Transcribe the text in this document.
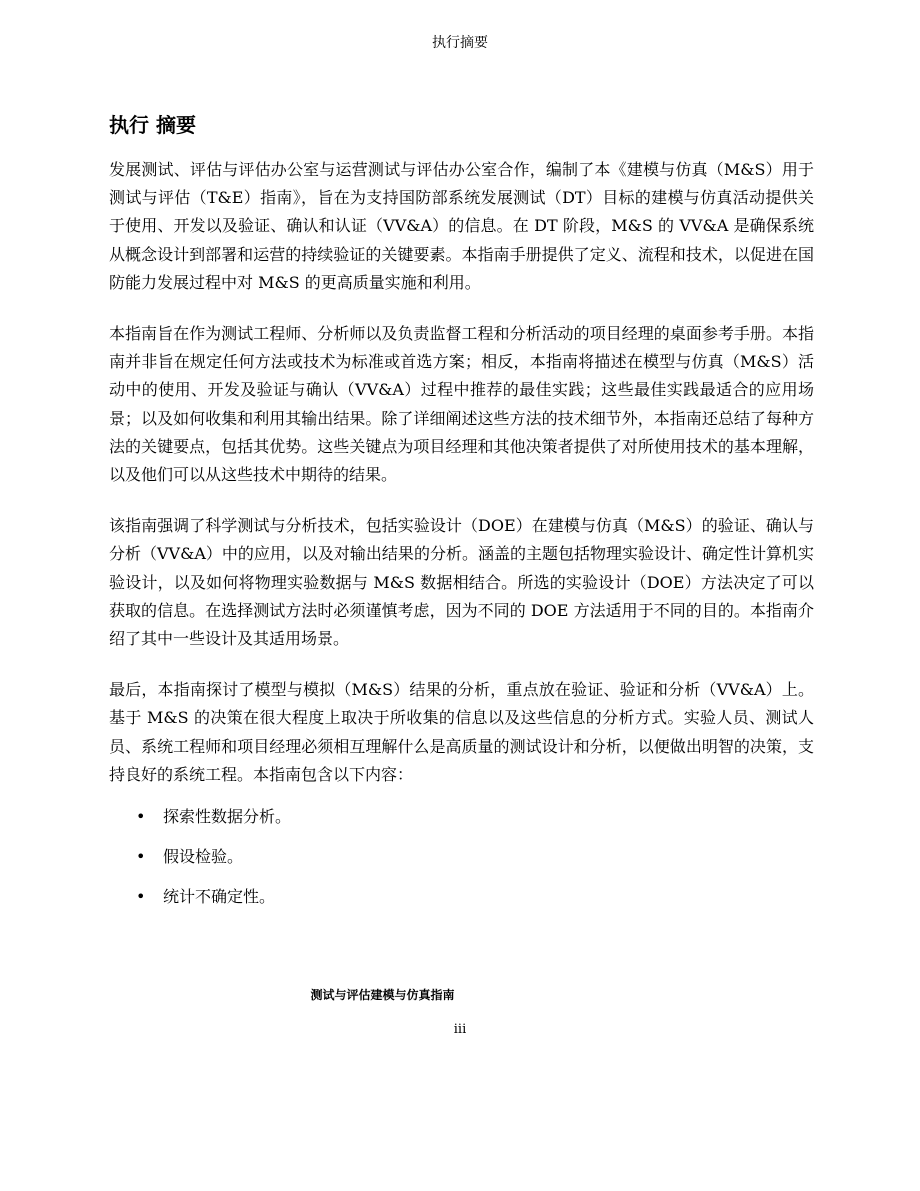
执行摘要
执行 摘要

发展测试、评估与评估办公室与运营测试与评估办公室合作，编制了本《建模与仿真（M&S）用于测试与评估（T&E）指南》，旨在为支持国防部系统发展测试（DT）目标的建模与仿真活动提供关于使用、开发以及验证、确认和认证（VV&A）的信息。在 DT 阶段，M&S 的 VV&A 是确保系统从概念设计到部署和运营的持续验证的关键要素。本指南手册提供了定义、流程和技术，以促进在国防能力发展过程中对 M&S 的更高质量实施和利用。

本指南旨在作为测试工程师、分析师以及负责监督工程和分析活动的项目经理的桌面参考手册。本指南并非旨在规定任何方法或技术为标准或首选方案；相反，本指南将描述在模型与仿真（M&S）活动中的使用、开发及验证与确认（VV&A）过程中推荐的最佳实践；这些最佳实践最适合的应用场景；以及如何收集和利用其输出结果。除了详细阐述这些方法的技术细节外，本指南还总结了每种方法的关键要点，包括其优势。这些关键点为项目经理和其他决策者提供了对所使用技术的基本理解，以及他们可以从这些技术中期待的结果。

该指南强调了科学测试与分析技术，包括实验设计（DOE）在建模与仿真（M&S）的验证、确认与分析（VV&A）中的应用，以及对输出结果的分析。涵盖的主题包括物理实验设计、确定性计算机实验设计，以及如何将物理实验数据与 M&S 数据相结合。所选的实验设计（DOE）方法决定了可以获取的信息。在选择测试方法时必须谨慎考虑，因为不同的 DOE 方法适用于不同的目的。本指南介绍了其中一些设计及其适用场景。

最后，本指南探讨了模型与模拟（M&S）结果的分析，重点放在验证、验证和分析（VV&A）上。基于 M&S 的决策在很大程度上取决于所收集的信息以及这些信息的分析方式。实验人员、测试人员、系统工程师和项目经理必须相互理解什么是高质量的测试设计和分析，以便做出明智的决策，支持良好的系统工程。本指南包含以下内容：

• 探索性数据分析。
• 假设检验。
• 统计不确定性。
测试与评估建模与仿真指南
iii
